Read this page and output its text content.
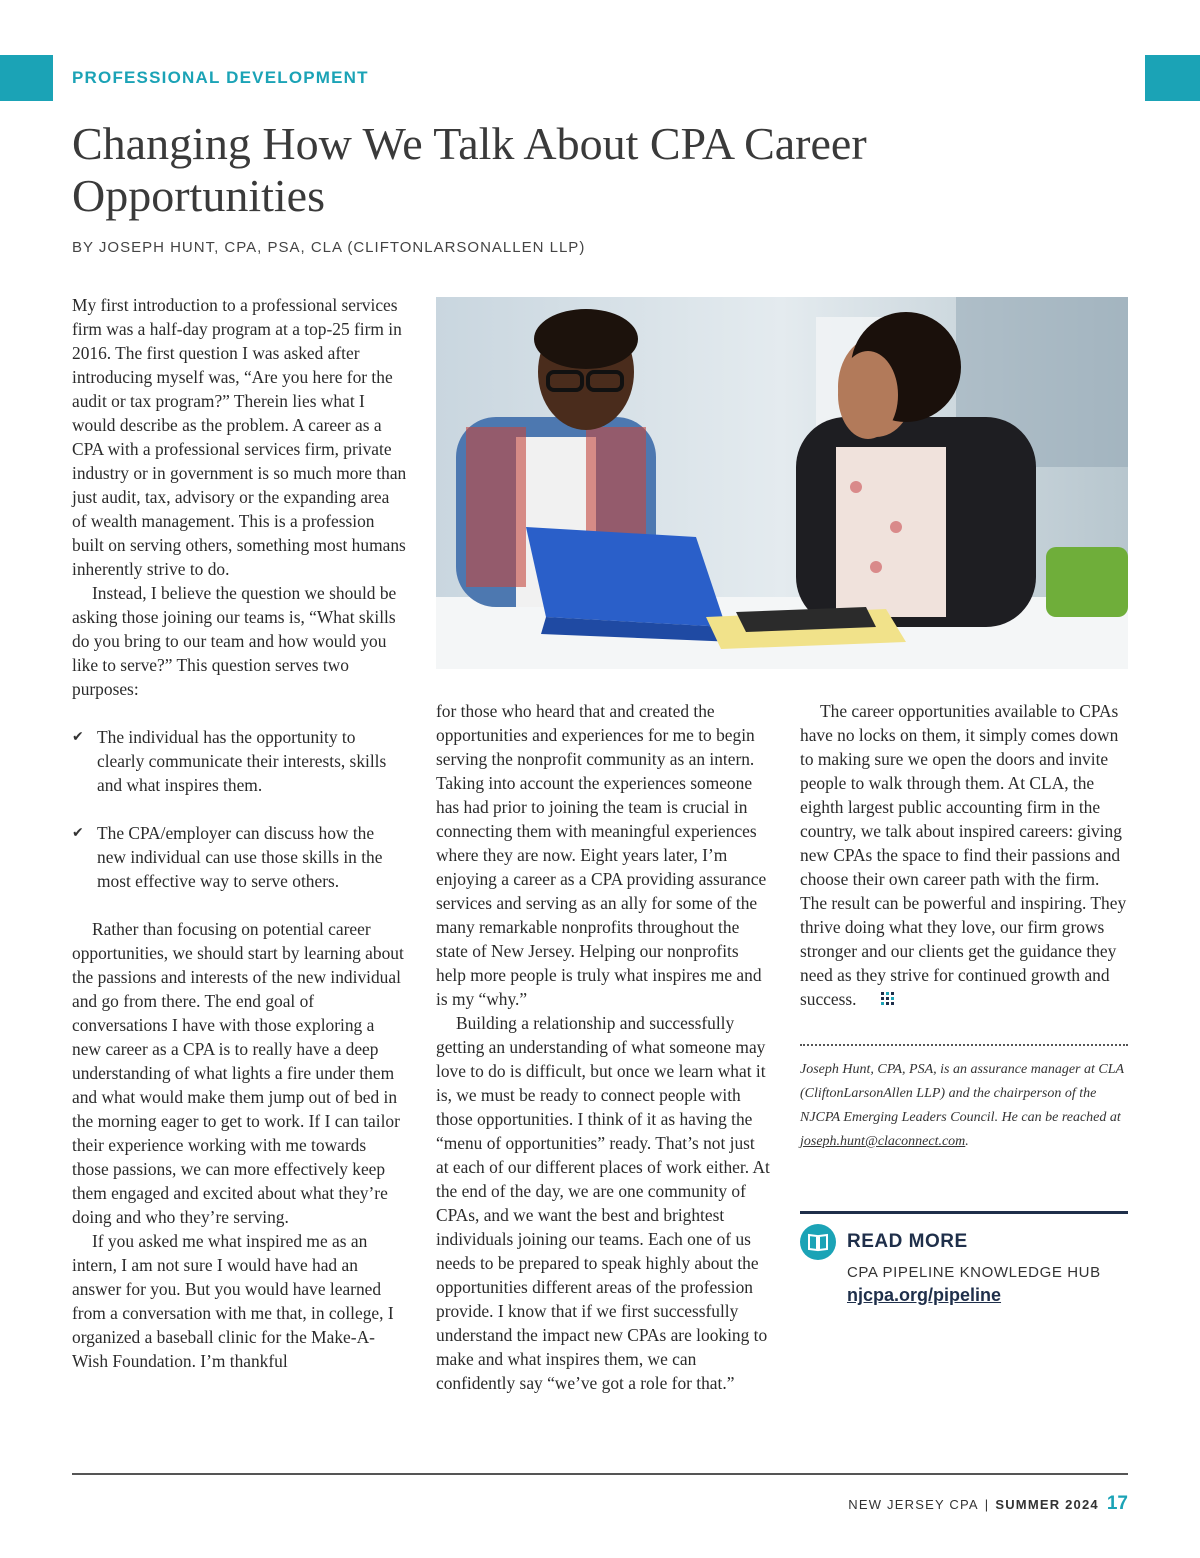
PROFESSIONAL DEVELOPMENT
Changing How We Talk About CPA Career Opportunities
BY JOSEPH HUNT, CPA, PSA, CLA (CLIFTONLARSONALLEN LLP)

My first introduction to a professional services firm was a half-day program at a top-25 firm in 2016. The first question I was asked after introducing myself was, “Are you here for the audit or tax program?” Therein lies what I would describe as the problem. A career as a CPA with a professional services firm, private industry or in government is so much more than just audit, tax, advisory or the expanding area of wealth management. This is a profession built on serving others, something most humans inherently strive to do.

Instead, I believe the question we should be asking those joining our teams is, “What skills do you bring to our team and how would you like to serve?” This question serves two purposes:

✔ The individual has the opportunity to clearly communicate their interests, skills and what inspires them.
✔ The CPA/employer can discuss how the new individual can use those skills in the most effective way to serve others.

Rather than focusing on potential career opportunities, we should start by learning about the passions and interests of the new individual and go from there. The end goal of conversations I have with those exploring a new career as a CPA is to really have a deep understanding of what lights a fire under them and what would make them jump out of bed in the morning eager to get to work. If I can tailor their experience working with me towards those passions, we can more effectively keep them engaged and excited about what they’re doing and who they’re serving.

If you asked me what inspired me as an intern, I am not sure I would have had an answer for you. But you would have learned from a conversation with me that, in college, I organized a baseball clinic for the Make-A-Wish Foundation. I’m thankful

for those who heard that and created the opportunities and experiences for me to begin serving the nonprofit community as an intern. Taking into account the experiences someone has had prior to joining the team is crucial in connecting them with meaningful experiences where they are now. Eight years later, I’m enjoying a career as a CPA providing assurance services and serving as an ally for some of the many remarkable nonprofits throughout the state of New Jersey. Helping our nonprofits help more people is truly what inspires me and is my “why.”

Building a relationship and successfully getting an understanding of what someone may love to do is difficult, but once we learn what it is, we must be ready to connect people with those opportunities. I think of it as having the “menu of opportunities” ready. That’s not just at each of our different places of work either. At the end of the day, we are one community of CPAs, and we want the best and brightest individuals joining our teams. Each one of us needs to be prepared to speak highly about the opportunities different areas of the profession provide. I know that if we first successfully understand the impact new CPAs are looking to make and what inspires them, we can confidently say “we’ve got a role for that.”

The career opportunities available to CPAs have no locks on them, it simply comes down to making sure we open the doors and invite people to walk through them. At CLA, the eighth largest public accounting firm in the country, we talk about inspired careers: giving new CPAs the space to find their passions and choose their own career path with the firm. The result can be powerful and inspiring. They thrive doing what they love, our firm grows stronger and our clients get the guidance they need as they strive for continued growth and success.

Joseph Hunt, CPA, PSA, is an assurance manager at CLA (CliftonLarsonAllen LLP) and the chairperson of the NJCPA Emerging Leaders Council. He can be reached at joseph.hunt@claconnect.com.
READ MORE
CPA PIPELINE KNOWLEDGE HUB
njcpa.org/pipeline
NEW JERSEY CPA | SUMMER 2024 17
